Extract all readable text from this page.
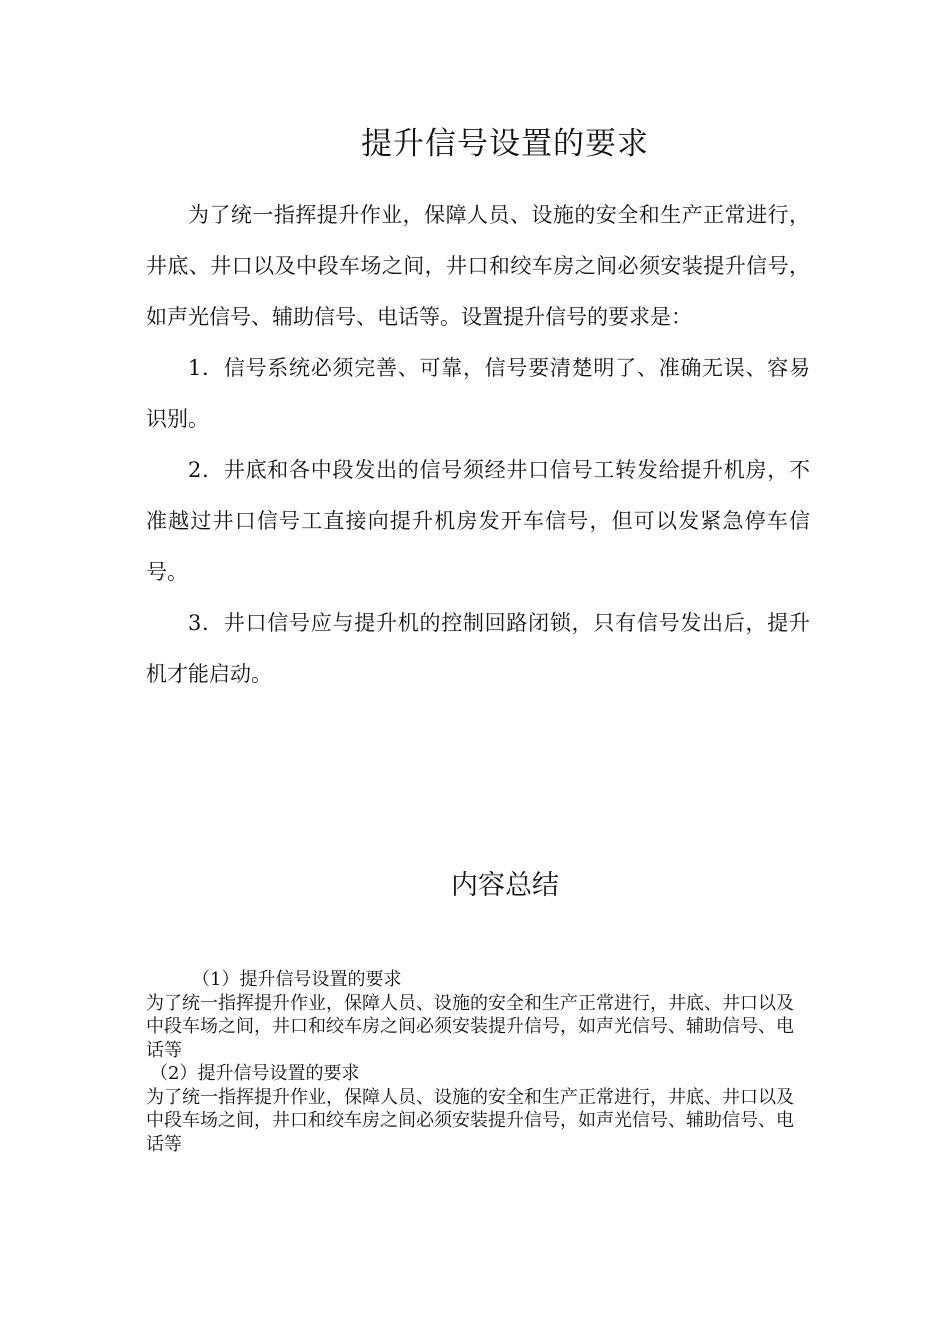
提升信号设置的要求

为了统一指挥提升作业，保障人员、设施的安全和生产正常进行，井底、井口以及中段车场之间，井口和绞车房之间必须安装提升信号，如声光信号、辅助信号、电话等。设置提升信号的要求是：

1．信号系统必须完善、可靠，信号要清楚明了、准确无误、容易识别。

2．井底和各中段发出的信号须经井口信号工转发给提升机房，不准越过井口信号工直接向提升机房发开车信号，但可以发紧急停车信号。

3．井口信号应与提升机的控制回路闭锁，只有信号发出后，提升机才能启动。

内容总结

（1）提升信号设置的要求

为了统一指挥提升作业，保障人员、设施的安全和生产正常进行，井底、井口以及中段车场之间，井口和绞车房之间必须安装提升信号，如声光信号、辅助信号、电话等

（2）提升信号设置的要求

为了统一指挥提升作业，保障人员、设施的安全和生产正常进行，井底、井口以及中段车场之间，井口和绞车房之间必须安装提升信号，如声光信号、辅助信号、电话等
